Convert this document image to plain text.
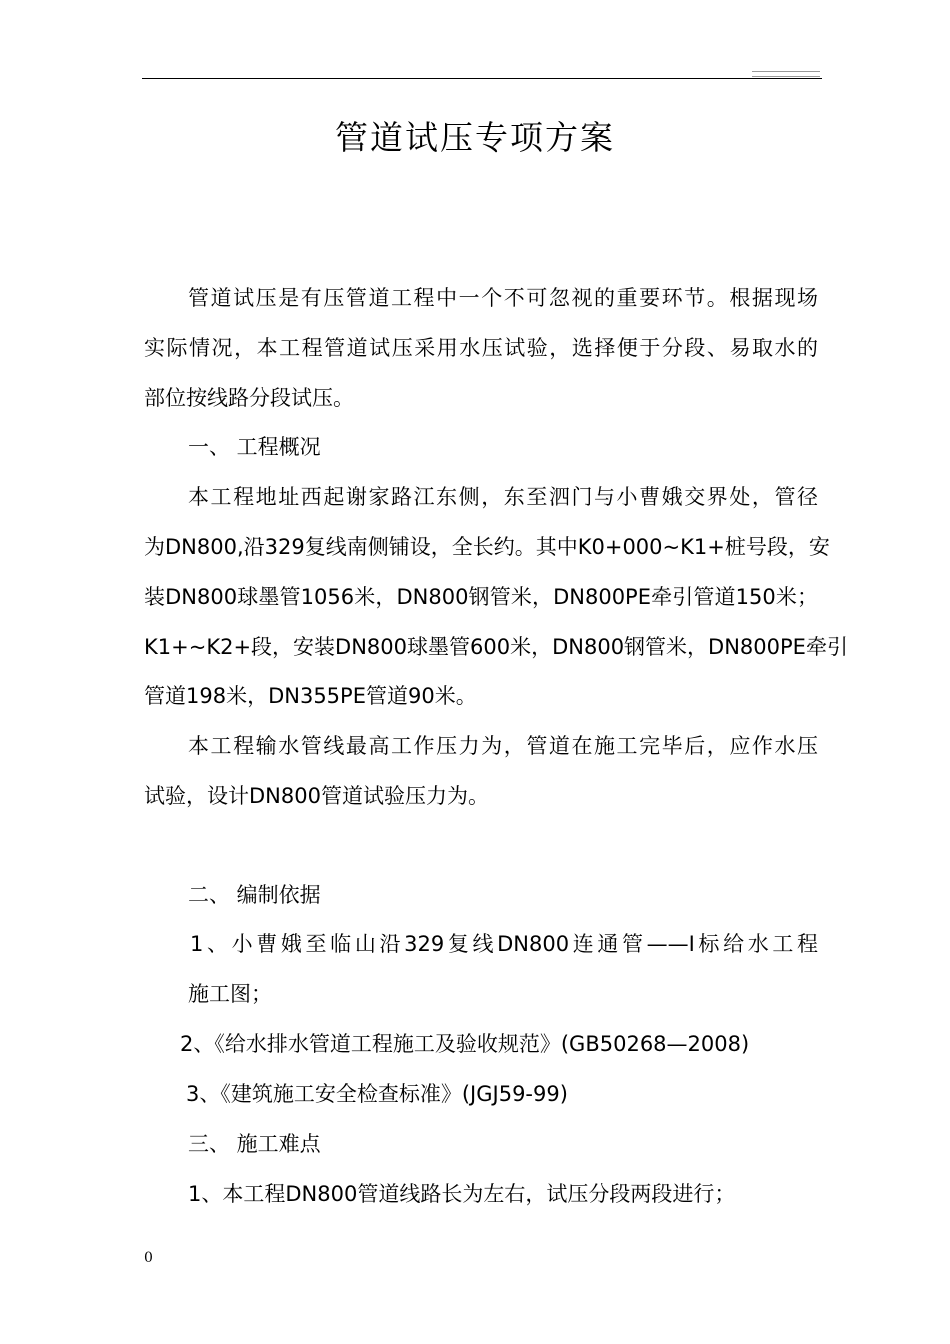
管道试压专项方案
管道试压是有压管道工程中一个不可忽视的重要环节。根据现场
实际情况，本工程管道试压采用水压试验，选择便于分段、易取水的
部位按线路分段试压。
一、 工程概况
本工程地址西起谢家路江东侧，东至泗门与小曹娥交界处，管径
为DN800,沿329复线南侧铺设，全长约。其中K0+000~K1+桩号段，安
装DN800球墨管1056米，DN800钢管米，DN800PE牵引管道150米；
K1+~K2+段，安装DN800球墨管600米，DN800钢管米，DN800PE牵引
管道198米，DN355PE管道90米。
本工程输水管线最高工作压力为，管道在施工完毕后，应作水压
试验，设计DN800管道试验压力为。
二、 编制依据
1、小曹娥至临山沿329复线DN800连通管——I标给水工程
施工图；
2、《给水排水管道工程施工及验收规范》(GB50268—2008)
3、《建筑施工安全检查标准》(JGJ59-99)
三、 施工难点
1、本工程DN800管道线路长为左右，试压分段两段进行；
0
